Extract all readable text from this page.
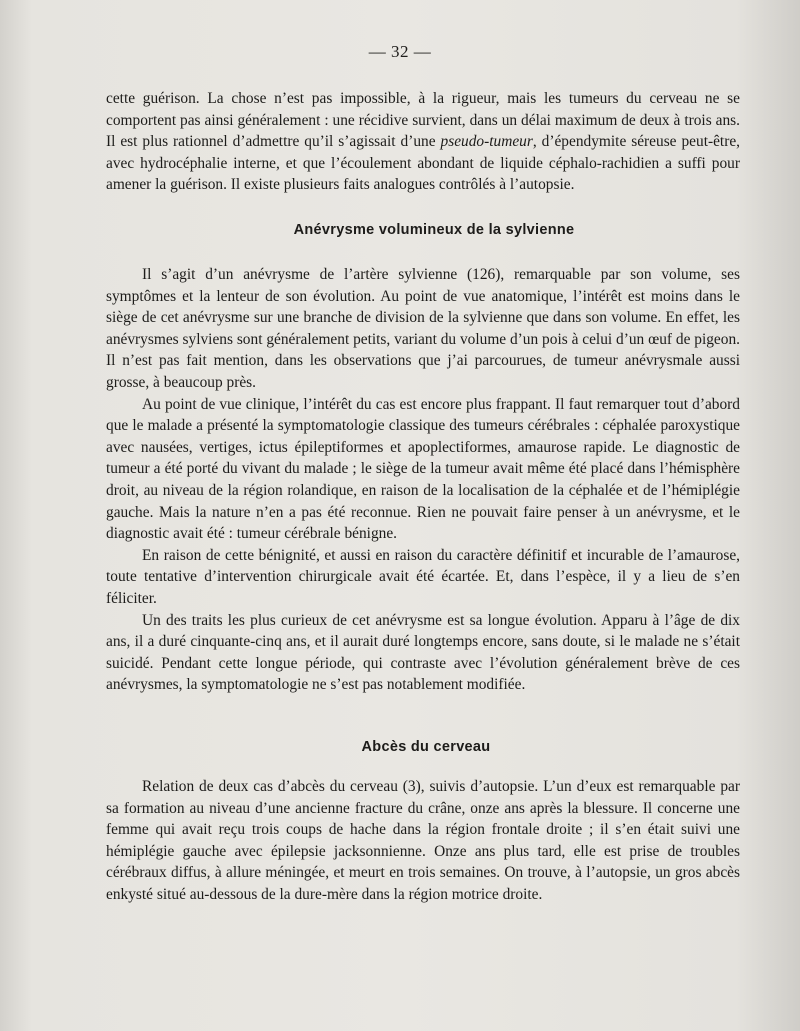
— 32 —

cette guérison. La chose n’est pas impossible, à la rigueur, mais les tumeurs du cerveau ne se comportent pas ainsi généralement : une récidive survient, dans un délai maximum de deux à trois ans. Il est plus rationnel d’admettre qu’il s’agissait d’une pseudo-tumeur, d’épendymite séreuse peut-être, avec hydrocéphalie interne, et que l’écoulement abondant de liquide céphalo-rachidien a suffi pour amener la guérison. Il existe plusieurs faits analogues contrôlés à l’autopsie.

Anévrysme volumineux de la sylvienne

Il s’agit d’un anévrysme de l’artère sylvienne (126), remarquable par son volume, ses symptômes et la lenteur de son évolution. Au point de vue anatomique, l’intérêt est moins dans le siège de cet anévrysme sur une branche de division de la sylvienne que dans son volume. En effet, les anévrysmes sylviens sont généralement petits, variant du volume d’un pois à celui d’un œuf de pigeon. Il n’est pas fait mention, dans les observations que j’ai parcourues, de tumeur anévrysmale aussi grosse, à beaucoup près.

Au point de vue clinique, l’intérêt du cas est encore plus frappant. Il faut remarquer tout d’abord que le malade a présenté la symptomatologie classique des tumeurs cérébrales : céphalée paroxystique avec nausées, vertiges, ictus épileptiformes et apoplectiformes, amaurose rapide. Le diagnostic de tumeur a été porté du vivant du malade ; le siège de la tumeur avait même été placé dans l’hémisphère droit, au niveau de la région rolandique, en raison de la localisation de la céphalée et de l’hémiplégie gauche. Mais la nature n’en a pas été reconnue. Rien ne pouvait faire penser à un anévrysme, et le diagnostic avait été : tumeur cérébrale bénigne.

En raison de cette bénignité, et aussi en raison du caractère définitif et incurable de l’amaurose, toute tentative d’intervention chirurgicale avait été écartée. Et, dans l’espèce, il y a lieu de s’en féliciter.

Un des traits les plus curieux de cet anévrysme est sa longue évolution. Apparu à l’âge de dix ans, il a duré cinquante-cinq ans, et il aurait duré longtemps encore, sans doute, si le malade ne s’était suicidé. Pendant cette longue période, qui contraste avec l’évolution généralement brève de ces anévrysmes, la symptomatologie ne s’est pas notablement modifiée.

Abcès du cerveau

Relation de deux cas d’abcès du cerveau (3), suivis d’autopsie. L’un d’eux est remarquable par sa formation au niveau d’une ancienne fracture du crâne, onze ans après la blessure. Il concerne une femme qui avait reçu trois coups de hache dans la région frontale droite ; il s’en était suivi une hémiplégie gauche avec épilepsie jacksonnienne. Onze ans plus tard, elle est prise de troubles cérébraux diffus, à allure méningée, et meurt en trois semaines. On trouve, à l’autopsie, un gros abcès enkysté situé au-dessous de la dure-mère dans la région motrice droite.
